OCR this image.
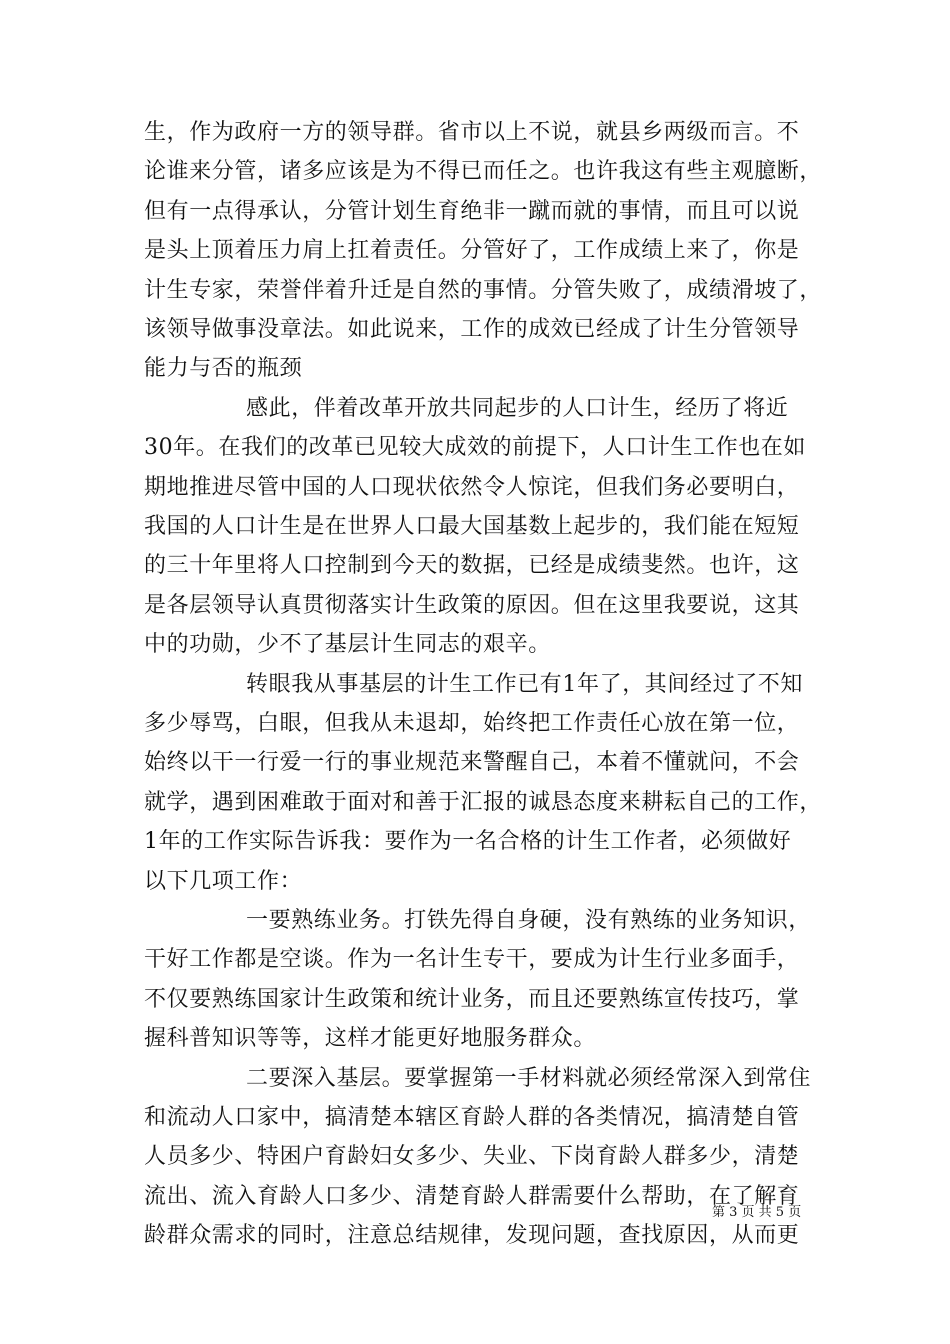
生，作为政府一方的领导群。省市以上不说，就县乡两级而言。不
论谁来分管，诸多应该是为不得已而任之。也许我这有些主观臆断，
但有一点得承认，分管计划生育绝非一蹴而就的事情，而且可以说
是头上顶着压力肩上扛着责任。分管好了，工作成绩上来了，你是
计生专家，荣誉伴着升迁是自然的事情。分管失败了，成绩滑坡了，
该领导做事没章法。如此说来，工作的成效已经成了计生分管领导
能力与否的瓶颈
感此，伴着改革开放共同起步的人口计生，经历了将近
30年。在我们的改革已见较大成效的前提下，人口计生工作也在如
期地推进尽管中国的人口现状依然令人惊诧，但我们务必要明白，
我国的人口计生是在世界人口最大国基数上起步的，我们能在短短
的三十年里将人口控制到今天的数据，已经是成绩斐然。也许，这
是各层领导认真贯彻落实计生政策的原因。但在这里我要说，这其
中的功勋，少不了基层计生同志的艰辛。
转眼我从事基层的计生工作已有1年了，其间经过了不知
多少辱骂，白眼，但我从未退却，始终把工作责任心放在第一位，
始终以干一行爱一行的事业规范来警醒自己，本着不懂就问，不会
就学，遇到困难敢于面对和善于汇报的诚恳态度来耕耘自己的工作，
1年的工作实际告诉我：要作为一名合格的计生工作者，必须做好
以下几项工作：
一要熟练业务。打铁先得自身硬，没有熟练的业务知识，
干好工作都是空谈。作为一名计生专干，要成为计生行业多面手，
不仅要熟练国家计生政策和统计业务，而且还要熟练宣传技巧，掌
握科普知识等等，这样才能更好地服务群众。
二要深入基层。要掌握第一手材料就必须经常深入到常住
和流动人口家中，搞清楚本辖区育龄人群的各类情况，搞清楚自管
人员多少、特困户育龄妇女多少、失业、下岗育龄人群多少，清楚
流出、流入育龄人口多少、清楚育龄人群需要什么帮助，在了解育
龄群众需求的同时，注意总结规律，发现问题，查找原因，从而更
第 3 页 共 5 页
